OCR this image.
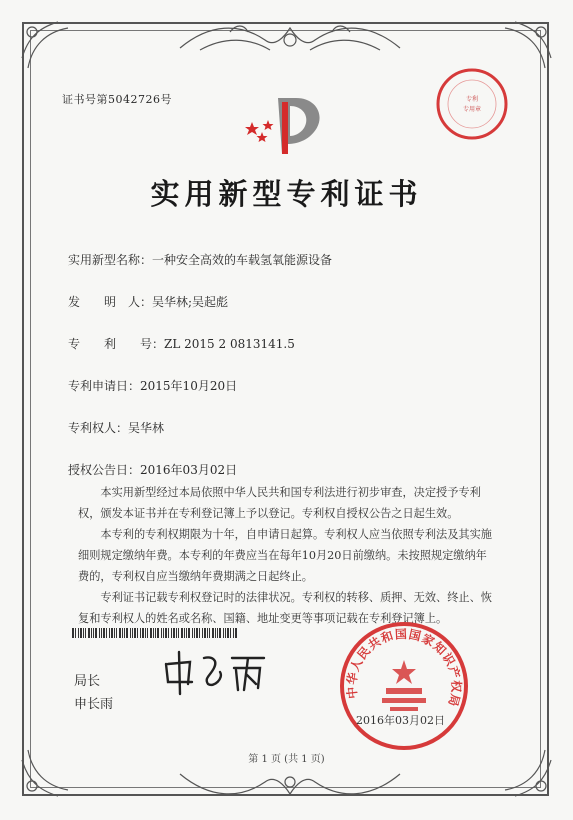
证书号第5042726号	专利
专用章
实用新型专利证书
实用新型名称：一种安全高效的车载氢氧能源设备
发　　明　人：吴华林;吴起彪
专　　利　　号：ZL 2015 2 0813141.5
专利申请日：2015年10月20日
专利权人：吴华林
授权公告日：2016年03月02日
本实用新型经过本局依照中华人民共和国专利法进行初步审查，决定授予专利权，颁发本证书并在专利登记簿上予以登记。专利权自授权公告之日起生效。
本专利的专利权期限为十年，自申请日起算。专利权人应当依照专利法及其实施细则规定缴纳年费。本专利的年费应当在每年10月20日前缴纳。未按照规定缴纳年费的，专利权自应当缴纳年费期满之日起终止。
专利证书记载专利权登记时的法律状况。专利权的转移、质押、无效、终止、恢复和专利权人的姓名或名称、国籍、地址变更等事项记载在专利登记簿上。
局长
申长雨
中华人民共和国国家知识产权局
2016年03月02日
第 1 页 (共 1 页)
